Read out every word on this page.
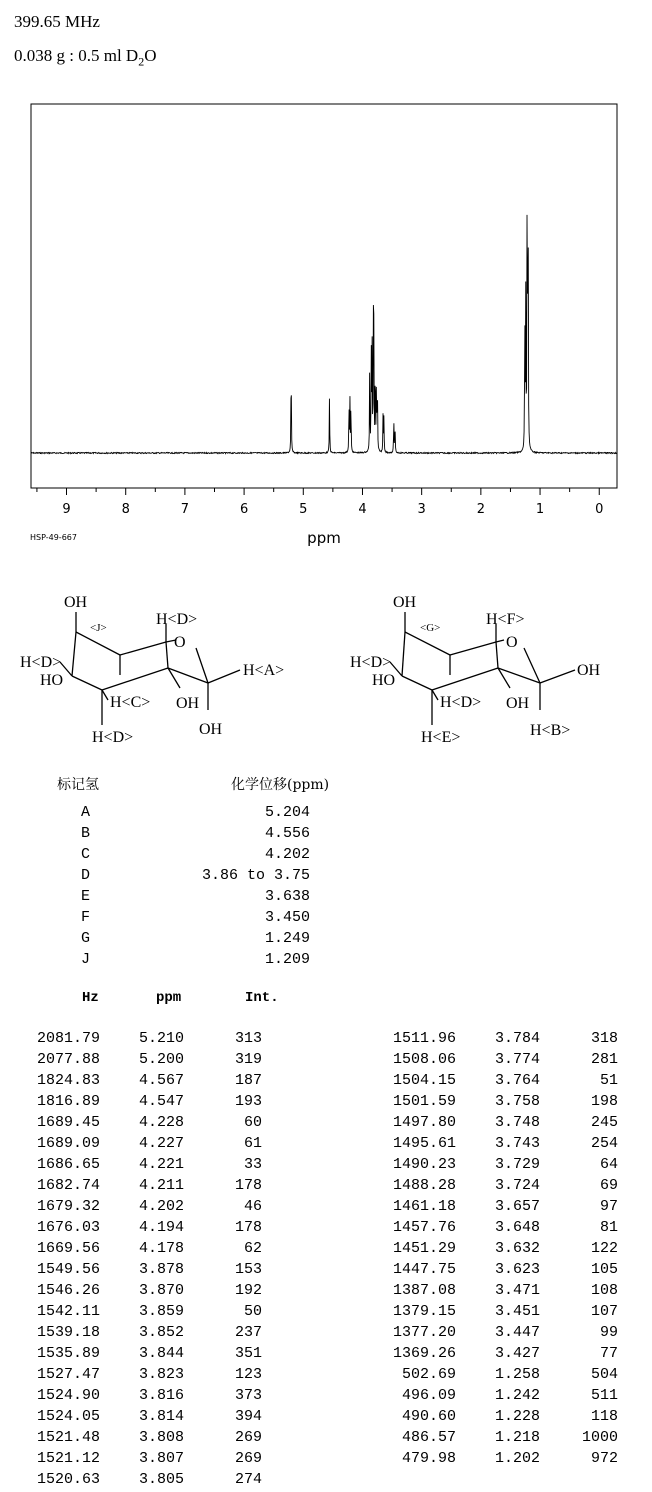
399.65 MHz
0.038 g : 0.5 ml $D_2O$
9	8	7	6	5	4	3	2	1	0
ppm
HSP-49-667
OH
<J>	H<D>
O
H<D>	H<A>
HO
H<C> OH
OH
H<D>
OH
<G>	H<F>
O
H<D>	OH
HO
H<D> OH
H<B>
H<E>
标记氢	化学位移(ppm)
A	5.204
B	4.556
C	4.202
D	3.86 to 3.75
E	3.638
F	3.450
G	1.249
J	1.209
Hz	ppm	Int.
2081.79	5.210	313
2077.88	5.200	319
1824.83	4.567	187
1816.89	4.547	193
1689.45	4.228	60
1689.09	4.227	61
1686.65	4.221	33
1682.74	4.211	178
1679.32	4.202	46
1676.03	4.194	178
1669.56	4.178	62
1549.56	3.878	153
1546.26	3.870	192
1542.11	3.859	50
1539.18	3.852	237
1535.89	3.844	351
1527.47	3.823	123
1524.90	3.816	373
1524.05	3.814	394
1521.48	3.808	269
1521.12	3.807	269
1520.63	3.805	274
1511.96	3.784	318
1508.06	3.774	281
1504.15	3.764	51
1501.59	3.758	198
1497.80	3.748	245
1495.61	3.743	254
1490.23	3.729	64
1488.28	3.724	69
1461.18	3.657	97
1457.76	3.648	81
1451.29	3.632	122
1447.75	3.623	105
1387.08	3.471	108
1379.15	3.451	107
1377.20	3.447	99
1369.26	3.427	77
502.69	1.258	504
496.09	1.242	511
490.60	1.228	118
486.57	1.218	1000
479.98	1.202	972
